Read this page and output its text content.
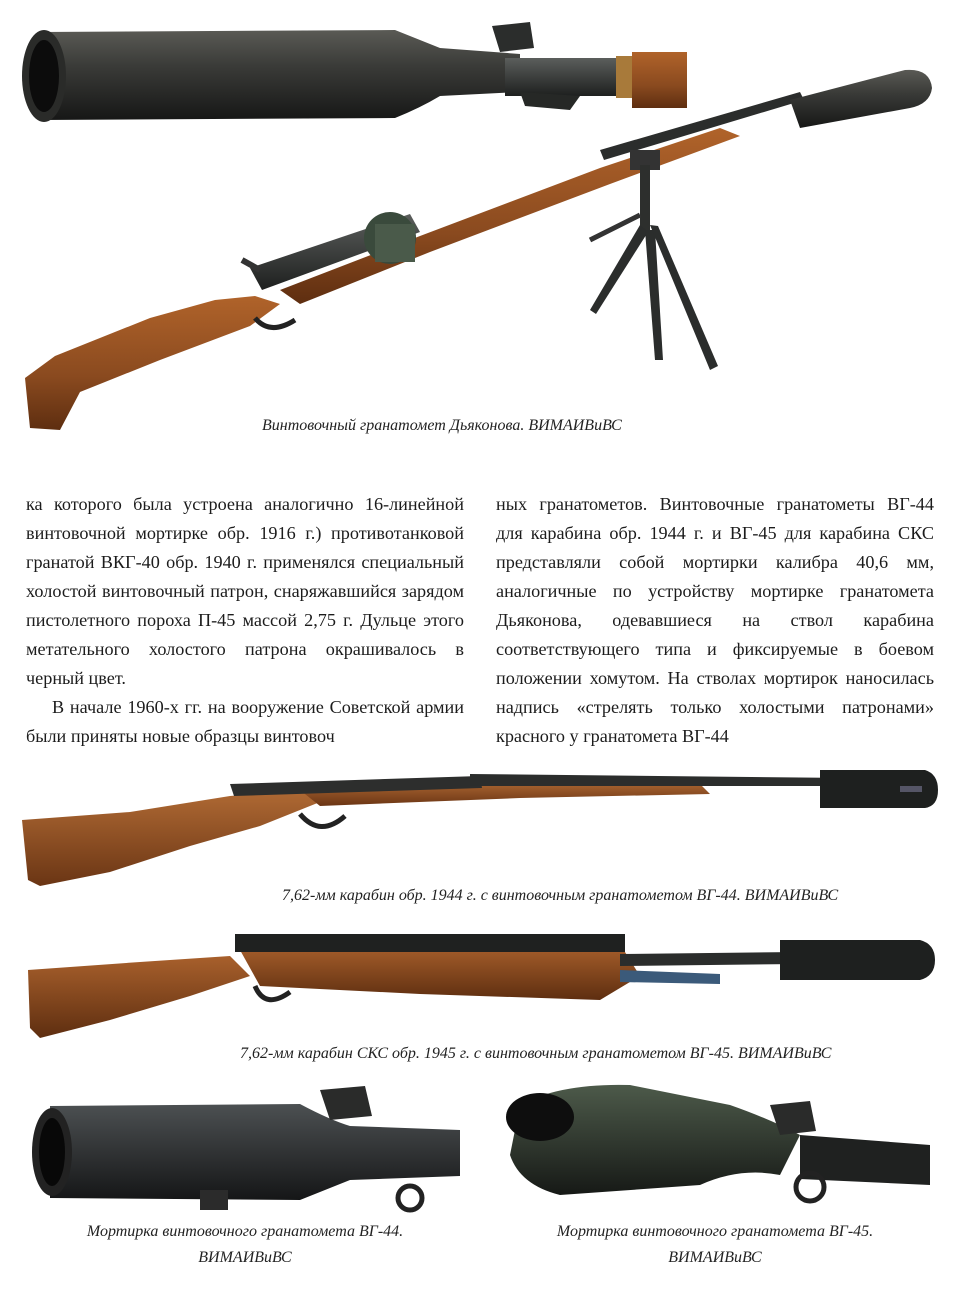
Винтовочный гранатомет Дьяконова. ВИМАИВиВС

ка которого была устроена аналогично 16-линейной винтовочной мортирке обр. 1916 г.) противотанковой гранатой ВКГ-40 обр. 1940 г. применялся специальный холостой винтовочный патрон, снаряжавшийся зарядом пистолетного пороха П-45 массой 2,75 г. Дульце этого метательного холостого патрона окрашивалось в черный цвет.

В начале 1960-х гг. на вооружение Советской армии были приняты новые образцы винтовоч

ных гранатометов. Винтовочные гранатометы ВГ-44 для карабина обр. 1944 г. и ВГ-45 для карабина СКС представляли собой мортирки калибра 40,6 мм, аналогичные по устройству мортирке гранатомета Дьяконова, одевавшиеся на ствол карабина соответствующего типа и фиксируемые в боевом положении хомутом. На стволах мортирок наносилась надпись «стрелять только холостыми патронами» красного у гранатомета ВГ-44

7,62-мм карабин обр. 1944 г. с винтовочным гранатометом ВГ-44. ВИМАИВиВС
7,62-мм карабин СКС обр. 1945 г. с винтовочным гранатометом ВГ-45. ВИМАИВиВС
Мортирка винтовочного гранатомета ВГ-44.
ВИМАИВиВС
Мортирка винтовочного гранатомета ВГ-45.
ВИМАИВиВС
